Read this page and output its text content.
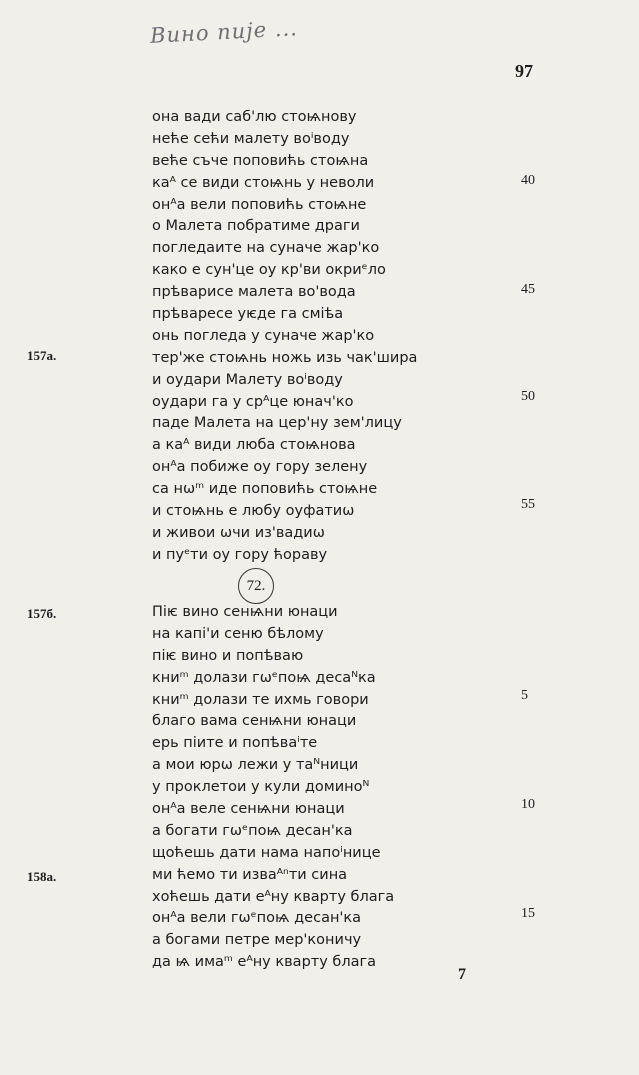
Вино пије ...
97
она вади саб'лю стоѩнову
нећe сећи малету воⁱводу
веће съче поповићь стоѩна
каᴬ се види стоѩнь у неволи
онᴬа вели поповићь стоѩне
о Малета побратиме драги
погледаите на суначе жар'ко
како е сун'це оу кр'ви окриᵉло
прѣварисе малета во'вода
прѣваресе уѥде га сміѣа
онь погледа у суначе жар'ко
тер'же стоѩнь ножь изь чак'шира
и оудари Малету воⁱводу
оудари га у срᴬце юнач'ко
паде Малета на цер'ну зем'лицу
а каᴬ види люба стоѩнова
онᴬа побиже оу гору зелену
са нѡᵐ иде поповићь стоѩне
и стоѩнь е любу оуфатиѡ
и живои ѡчи из'вадиѡ
и пуᵉти оу гору ћораву
72.
Піѥ вино сенѩни юнаци
на капі'и сеню бѣлому
піѥ вино и попѣваю
книᵐ долази гѡᵉпоѩ десаᴺка
книᵐ долази те ихмь говори
благо вама сенѩни юнаци
ерь піите и попѣваⁱте
а мои юрѡ лежи у таᴺници
у проклетои у кули доминоᴺ
онᴬа веле сенѩни юнаци
а богати гѡᵉпоѩ десан'ка
щоћешь дати нама напоⁱнице
ми ћемо ти изваᴬⁿти сина
хоћешь дати еᴬну кварту блага
онᴬа вели гѡᵉпоѩ десан'ка
а богами петре мер'коничу
да ѩ имаᵐ еᴬну кварту блага
157a.
157б.
158a.
40
45
50
55
5
10
15
7
